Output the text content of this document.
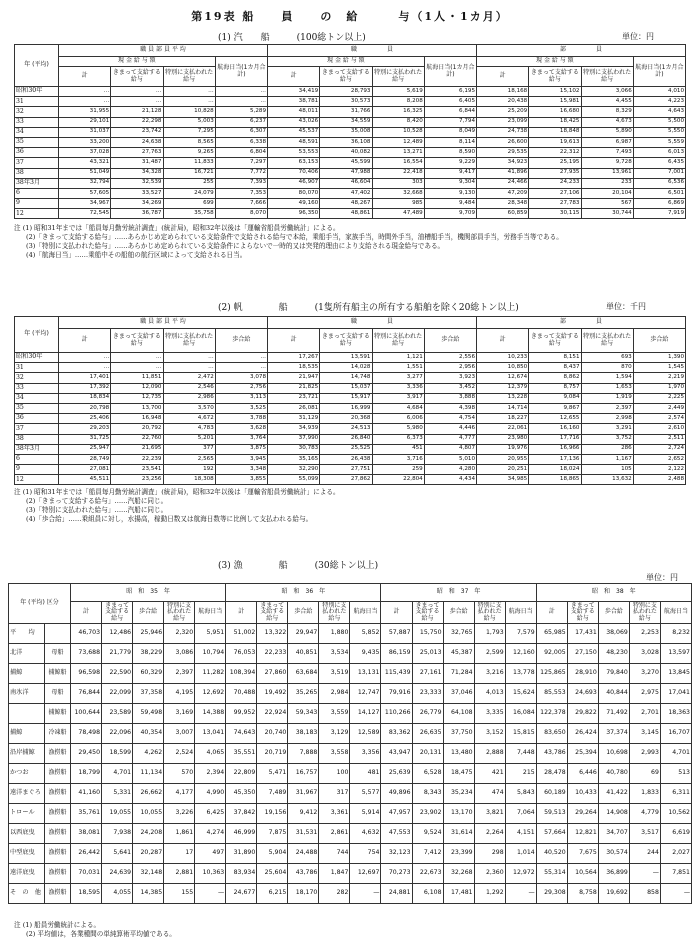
第19表 船　　員　　の　給　　　与（1人・1カ月）
(1) 汽　　船　　　(100総トン以上)	単位：円
年 (平均)	職 員 部 員 平 均				職　　　　　員				部　　　　　員			
	現 金 給 与 額			航海日当(1カ月合計)	現 金 給 与 額			航海日当(1カ月合計)	現 金 給 与 額			航海日当(1カ月合計)
	計	きまって支給する給与	特別に支払われた給与		計	きまって支給する給与	特別に支払われた給与		計	きまって支給する給与	特別に支払われた給与	
昭和30年	…	…	…	…	34,419	28,793	5,619	6,195	18,168	15,102	3,066	4,010
31	…	…	…	…	38,781	30,573	8,208	6,405	20,438	15,981	4,455	4,223
32	31,955	21,128	10,828	5,289	48,011	31,766	16,325	6,844	25,209	16,680	8,329	4,643
33	29,101	22,298	5,003	6,237	43,026	34,559	8,420	7,794	23,099	18,425	4,673	5,500
34	31,037	23,742	7,295	6,307	45,537	35,008	10,528	8,049	24,738	18,848	5,890	5,550
35	33,200	24,638	8,565	6,338	48,591	36,108	12,489	8,114	26,600	19,613	6,987	5,559
36	37,028	27,763	9,265	6,804	53,553	40,082	13,271	8,590	29,535	22,312	7,493	6,013
37	43,321	31,487	11,833	7,297	63,153	45,599	16,554	9,229	34,923	25,195	9,728	6,435
38	51,049	34,328	16,721	7,772	70,406	47,988	22,418	9,417	41,896	27,935	13,961	7,001
38年3月	32,794	32,539	255	7,393	46,907	46,604	303	9,304	24,466	24,233	233	6,536
6	57,605	33,527	24,079	7,353	80,070	47,402	32,668	9,130	47,209	27,106	20,104	6,501
9	34,967	34,269	699	7,666	49,160	48,267	985	9,484	28,348	27,783	567	6,869
12	72,545	36,787	35,758	8,070	96,350	48,861	47,489	9,709	60,859	30,115	30,744	7,919
注 (1) 昭和31年までは「船員毎月勤労統計調査」(統計局)，昭和32年以後は「運輸省船員労働統計」による。
(2)「きまって支給する給与」……あらかじめ定められている支給条件で支給される給与で本給，乗船手当，家族手当，時間外手当，油槽船手当，機関部員手当，労務手当等である。
(3)「特別に支払われた給与」……あらかじめ定められている支給条件によらないで一時的又は突発的理由により支給される現金給与である。
(4)「航海日当」……乗船中その船舶の航行区域によって支給される日当。
(2) 帆　　　　船　　　(1隻所有船主の所有する船舶を除く20総トン以上)	単位：千円
年 (平均)	職 員 部 員 平 均				職　　　　　員				部　　　　　員			
	計	きまって支給する給与	特別に支払われた給与	歩合給	計	きまって支給する給与	特別に支払われた給与	歩合給	計	きまって支給する給与	特別に支払われた給与	歩合給
昭和30年	…	…	…	…	17,267	13,591	1,121	2,556	10,233	8,151	693	1,390
31	…	…	…	…	18,535	14,028	1,551	2,956	10,850	8,437	870	1,545
32	17,401	11,851	2,472	3,078	21,947	14,748	3,277	3,923	12,674	8,862	1,594	2,219
33	17,392	12,090	2,546	2,756	21,825	15,037	3,336	3,452	12,379	8,757	1,653	1,970
34	18,834	12,735	2,986	3,113	23,721	15,917	3,917	3,888	13,228	9,084	1,919	2,225
35	20,798	13,700	3,570	3,525	26,081	16,999	4,684	4,398	14,714	9,867	2,397	2,449
36	25,406	16,948	4,672	3,788	31,129	20,368	6,006	4,754	18,227	12,655	2,998	2,574
37	29,203	20,792	4,783	3,628	34,939	24,513	5,980	4,446	22,061	16,160	3,291	2,610
38	31,725	22,760	5,201	3,764	37,990	26,840	6,373	4,777	23,980	17,716	3,752	2,511
38年3月	25,947	21,695	377	3,875	30,783	25,525	451	4,807	19,976	16,966	286	2,724
6	28,749	22,239	2,565	3,945	35,165	26,438	3,716	5,010	20,955	17,136	1,167	2,652
9	27,081	23,541	192	3,348	32,290	27,751	259	4,280	20,251	18,024	105	2,122
12	45,511	23,256	18,308	3,855	55,099	27,862	22,804	4,434	34,985	18,865	13,632	2,488
注 (1) 昭和31年までは「船員毎月勤労統計調査」(統計局)，昭和32年以後は「運輸省船員労働統計」による。
(2)「きまって支給する給与」……汽船に同じ。
(3)「特別に支払われた給与」……汽船に同じ。
(4)「歩合給」……乗組員に対し，水揚高，稼動日数又は航海日数等に比例して支払われる給与。
(3) 漁　　　　船　　　(30総トン以上)
単位：円
年 (平均) 区分		昭　和　35　年					昭　和　36　年					昭　和　37　年					昭　和　38　年				
		計	きまって支給する給与	歩合給	特別に支払われた給与	航海日当	計	きまって支給する給与	歩合給	特別に支払われた給与	航海日当	計	きまって支給する給与	歩合給	特別に支払われた給与	航海日当	計	きまって支給する給与	歩合給	特別に支払われた給与	航海日当
平　　均		46,703	12,486	25,946	2,320	5,951	51,002	13,322	29,947	1,880	5,852	57,887	15,750	32,765	1,793	7,579	65,985	17,431	38,069	2,253	8,232
北洋	母船	73,688	21,779	38,229	3,086	10,794	76,053	22,233	40,851	3,534	9,435	86,159	25,013	45,387	2,599	12,160	92,005	27,150	48,230	3,028	13,597
捕鯨	捕鯨船	96,598	22,590	60,329	2,397	11,282	108,394	27,860	63,684	3,519	13,131	115,439	27,161	71,284	3,216	13,778	125,865	28,910	79,840	3,270	13,845
南氷洋	母船	76,844	22,099	37,358	4,195	12,692	70,488	19,492	35,265	2,984	12,747	79,916	23,333	37,046	4,013	15,624	85,553	24,693	40,844	2,975	17,041
	捕鯨船	100,644	23,589	59,498	3,169	14,388	99,952	22,924	59,343	3,559	14,127	110,266	26,779	64,108	3,335	16,084	122,378	29,822	71,492	2,701	18,363
捕鯨	冷凍船	78,498	22,096	40,354	3,007	13,041	74,643	20,740	38,183	3,129	12,589	83,362	26,635	37,750	3,152	15,815	83,650	26,424	37,374	3,145	16,707
沿岸捕鯨	漁撈船	29,450	18,599	4,262	2,524	4,065	35,551	20,719	7,888	3,558	3,356	43,947	20,131	13,480	2,888	7,448	43,786	25,394	10,698	2,993	4,701
かつお	漁撈船	18,799	4,701	11,134	570	2,394	22,809	5,471	16,757	100	481	25,639	6,528	18,475	421	215	28,478	6,446	40,780	69	513
遠洋まぐろ	漁撈船	41,160	5,331	26,662	4,177	4,990	45,350	7,489	31,967	317	5,577	49,896	8,343	35,234	474	5,843	60,189	10,433	41,422	1,833	6,311
トロール	漁撈船	35,761	19,055	10,055	3,226	6,425	37,842	19,156	9,412	3,361	5,914	47,957	23,902	13,170	3,821	7,064	59,513	29,264	14,908	4,779	10,562
以西底曳	漁撈船	38,081	7,938	24,208	1,861	4,274	46,999	7,875	31,531	2,861	4,632	47,553	9,524	31,614	2,264	4,151	57,664	12,821	34,707	3,517	6,619
中型底曳	漁撈船	26,442	5,641	20,287	17	497	31,890	5,904	24,488	744	754	32,123	7,412	23,399	298	1,014	40,520	7,675	30,574	244	2,027
遠洋底曳	漁撈船	70,031	24,639	32,148	2,881	10,363	83,934	25,604	43,786	1,847	12,697	70,273	22,673	32,268	2,360	12,972	55,314	10,564	36,899	—	7,851
そ　の　他	漁撈船	18,595	4,055	14,385	155	—	24,677	6,215	18,170	282	—	24,881	6,108	17,481	1,292	—	29,308	8,758	19,692	858	—
注 (1) 船員労働統計による。
(2) 平均値は，各業種間の単純算術平均値である。
